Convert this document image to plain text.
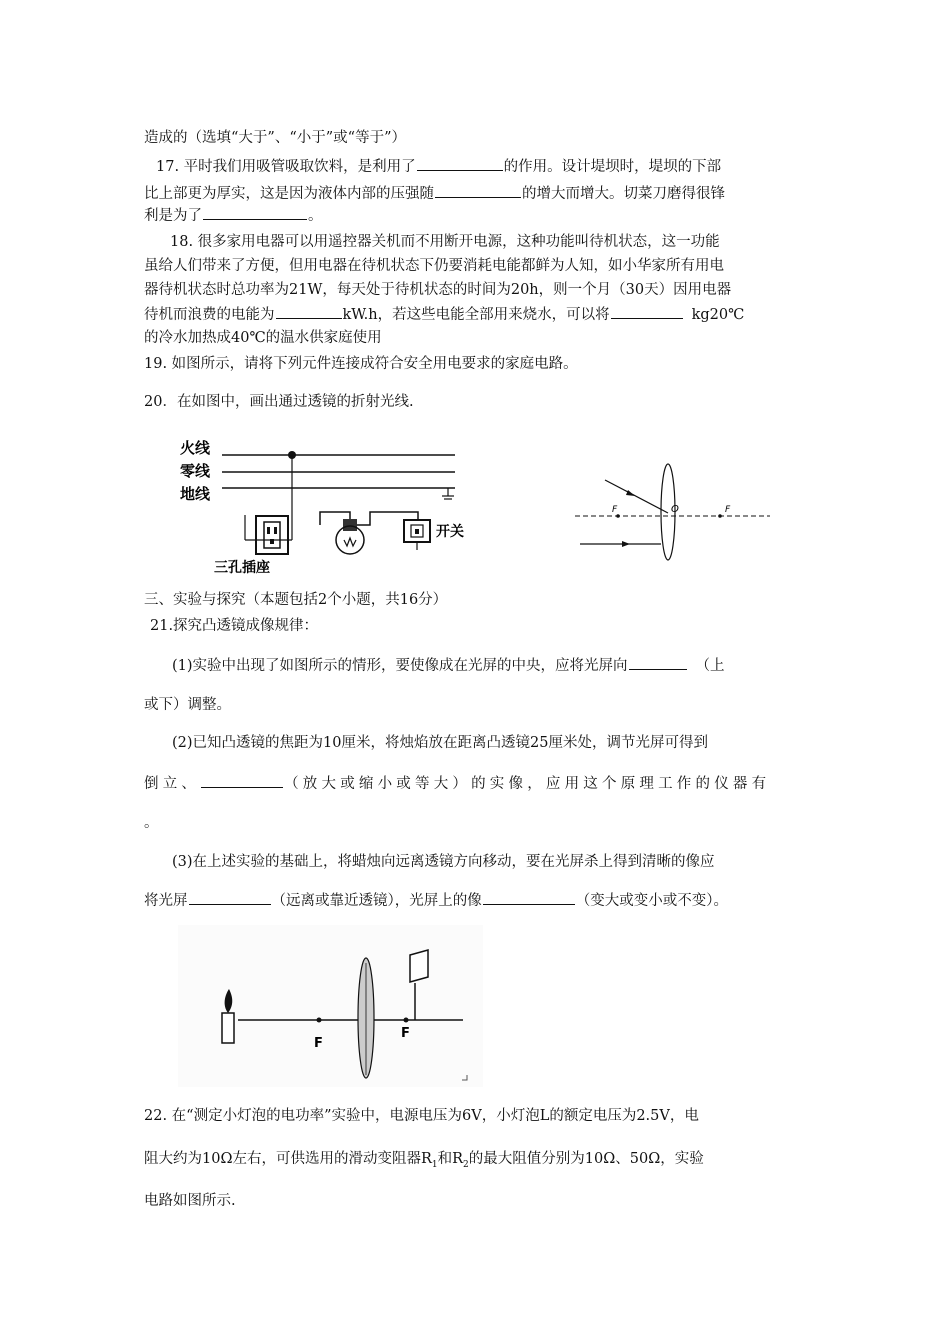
造成的（选填“大于”、“小于”或“等于”）
17. 平时我们用吸管吸取饮料，是利用了	的作用。设计堤坝时，堤坝的下部
比上部更为厚实，这是因为液体内部的压强随	的增大而增大。切菜刀磨得很锋
利是为了	。
18. 很多家用电器可以用遥控器关机而不用断开电源，这种功能叫待机状态，这一功能
虽给人们带来了方便，但用电器在待机状态下仍要消耗电能都鲜为人知，如小华家所有用电
器待机状态时总功率为21W，每天处于待机状态的时间为20h，则一个月（30天）因用电器
待机而浪费的电能为	kW.h，若这些电能全部用来烧水，可以将	kg20℃
的冷水加热成40℃的温水供家庭使用
19. 如图所示，请将下列元件连接成符合安全用电要求的家庭电路。
20．在如图中，画出通过透镜的折射光线.
火线
零线
地线
三孔插座
开关
F	O	F
三、实验与探究（本题包括2个小题，共16分）
21.探究凸透镜成像规律：
(1)实验中出现了如图所示的情形，要使像成在光屏的中央，应将光屏向	（上
或下）调整。
(2)已知凸透镜的焦距为10厘米，将烛焰放在距离凸透镜25厘米处，调节光屏可得到
倒立、	（放大或缩小或等大）的实像，应用这个原理工作的仪器有
。
(3)在上述实验的基础上，将蜡烛向远离透镜方向移动，要在光屏杀上得到清晰的像应
将光屏	（远离或靠近透镜），光屏上的像	（变大或变小或不变）。
F
F
22. 在“测定小灯泡的电功率”实验中，电源电压为6V，小灯泡L的额定电压为2.5V，电
阻大约为10Ω左右，可供选用的滑动变阻器$R_1$和$R_2$的最大阻值分别为10Ω、50Ω，实验
电路如图所示.
